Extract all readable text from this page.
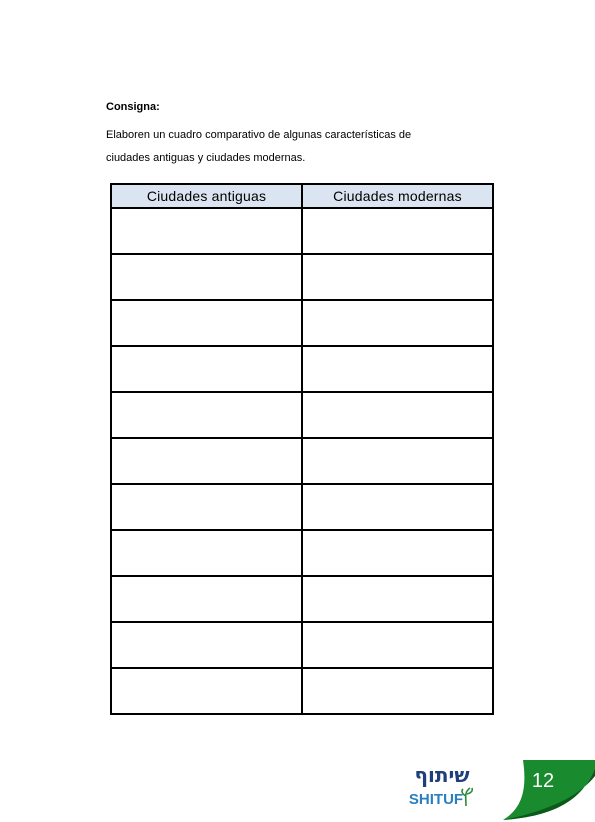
Consigna:
Elaboren un cuadro comparativo de algunas características de
ciudades antiguas y ciudades modernas.
Ciudades antiguas	Ciudades modernas

שיתוף
SHITUF
12
